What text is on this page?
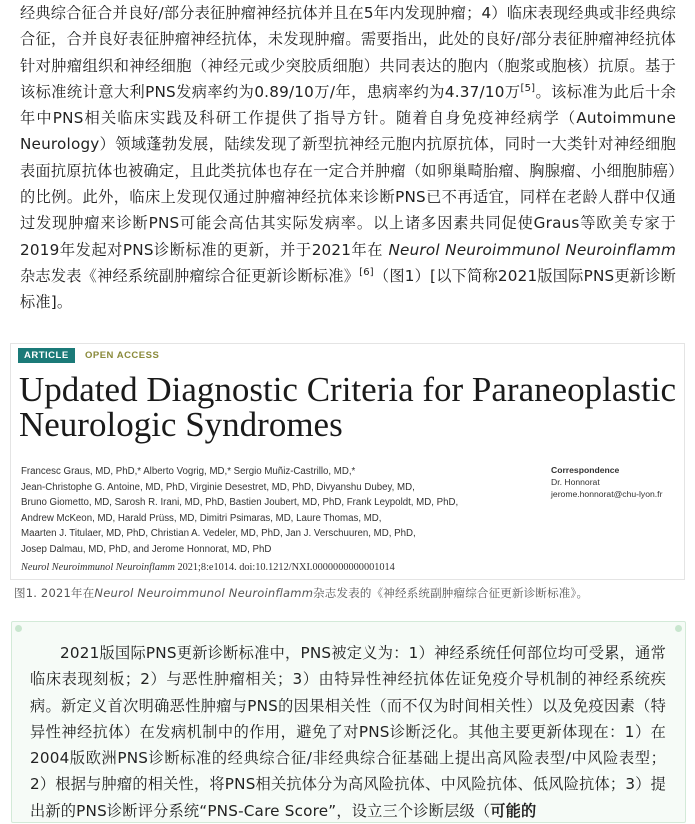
经典综合征合并良好/部分表征肿瘤神经抗体并且在5年内发现肿瘤；4）临床表现经典或非经典综合征，合并良好表征肿瘤神经抗体，未发现肿瘤。需要指出，此处的良好/部分表征肿瘤神经抗体针对肿瘤组织和神经细胞（神经元或少突胶质细胞）共同表达的胞内（胞浆或胞核）抗原。基于该标准统计意大利PNS发病率约为0.89/10万/年，患病率约为4.37/10万[5]。该标准为此后十余年中PNS相关临床实践及科研工作提供了指导方针。随着自身免疫神经病学（Autoimmune Neurology）领域蓬勃发展，陆续发现了新型抗神经元胞内抗原抗体，同时一大类针对神经细胞表面抗原抗体也被确定，且此类抗体也存在一定合并肿瘤（如卵巢畸胎瘤、胸腺瘤、小细胞肺癌）的比例。此外，临床上发现仅通过肿瘤神经抗体来诊断PNS已不再适宜，同样在老龄人群中仅通过发现肿瘤来诊断PNS可能会高估其实际发病率。以上诸多因素共同促使Graus等欧美专家于2019年发起对PNS诊断标准的更新，并于2021年在 Neurol Neuroimmunol Neuroinflamm 杂志发表《神经系统副肿瘤综合征更新诊断标准》[6]（图1）[以下简称2021版国际PNS更新诊断标准]。

ARTICLE	OPEN ACCESS
Updated Diagnostic Criteria for Paraneoplastic
Neurologic Syndromes
Francesc Graus, MD, PhD,* Alberto Vogrig, MD,* Sergio Muñiz-Castrillo, MD,*
Jean-Christophe G. Antoine, MD, PhD, Virginie Desestret, MD, PhD, Divyanshu Dubey, MD,
Bruno Giometto, MD, Sarosh R. Irani, MD, PhD, Bastien Joubert, MD, PhD, Frank Leypoldt, MD, PhD,
Andrew McKeon, MD, Harald Prüss, MD, Dimitri Psimaras, MD, Laure Thomas, MD,
Maarten J. Titulaer, MD, PhD, Christian A. Vedeler, MD, PhD, Jan J. Verschuuren, MD, PhD,
Josep Dalmau, MD, PhD, and Jerome Honnorat, MD, PhD
Correspondence
Dr. Honnorat
jerome.honnorat@chu-lyon.fr
Neurol Neuroimmunol Neuroinflamm 2021;8:e1014. doi:10.1212/NXI.0000000000001014
图1. 2021年在Neurol Neuroimmunol Neuroinflamm杂志发表的《神经系统副肿瘤综合征更新诊断标准》。

2021版国际PNS更新诊断标准中，PNS被定义为：1）神经系统任何部位均可受累，通常临床表现刻板；2）与恶性肿瘤相关；3）由特异性神经抗体佐证免疫介导机制的神经系统疾病。新定义首次明确恶性肿瘤与PNS的因果相关性（而不仅为时间相关性）以及免疫因素（特异性神经抗体）在发病机制中的作用，避免了对PNS诊断泛化。其他主要更新体现在：1）在2004版欧洲PNS诊断标准的经典综合征/非经典综合征基础上提出高风险表型/中风险表型；2）根据与肿瘤的相关性，将PNS相关抗体分为高风险抗体、中风险抗体、低风险抗体；3）提出新的PNS诊断评分系统“PNS-Care Score”，设立三个诊断层级（可能的
